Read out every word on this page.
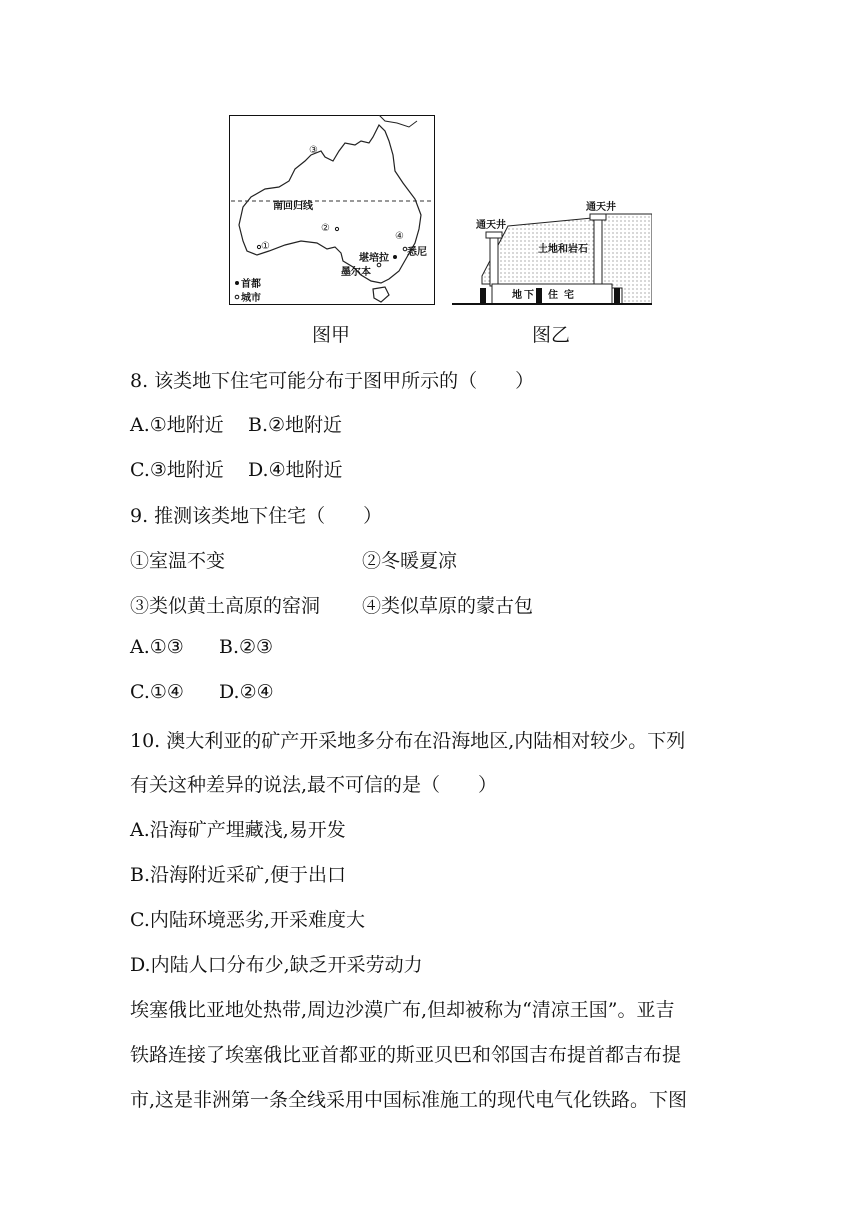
南回归线
①
②
③
④
堪培拉
悉尼
墨尔本
首都
城市
图甲
通天井
通天井
土地和岩石
地 下 住 宅
图乙
8. 该类地下住宅可能分布于图甲所示的（　　）
A.①地附近 B.②地附近
C.③地附近 D.④地附近
9. 推测该类地下住宅（　　）
①室温不变	②冬暖夏凉
③类似黄土高原的窑洞 ④类似草原的蒙古包
A.①③ B.②③
C.①④ D.②④
10. 澳大利亚的矿产开采地多分布在沿海地区,内陆相对较少。下列
有关这种差异的说法,最不可信的是（　　）
A.沿海矿产埋藏浅,易开发
B.沿海附近采矿,便于出口
C.内陆环境恶劣,开采难度大
D.内陆人口分布少,缺乏开采劳动力
埃塞俄比亚地处热带,周边沙漠广布,但却被称为“清凉王国”。亚吉
铁路连接了埃塞俄比亚首都亚的斯亚贝巴和邻国吉布提首都吉布提
市,这是非洲第一条全线采用中国标准施工的现代电气化铁路。下图
